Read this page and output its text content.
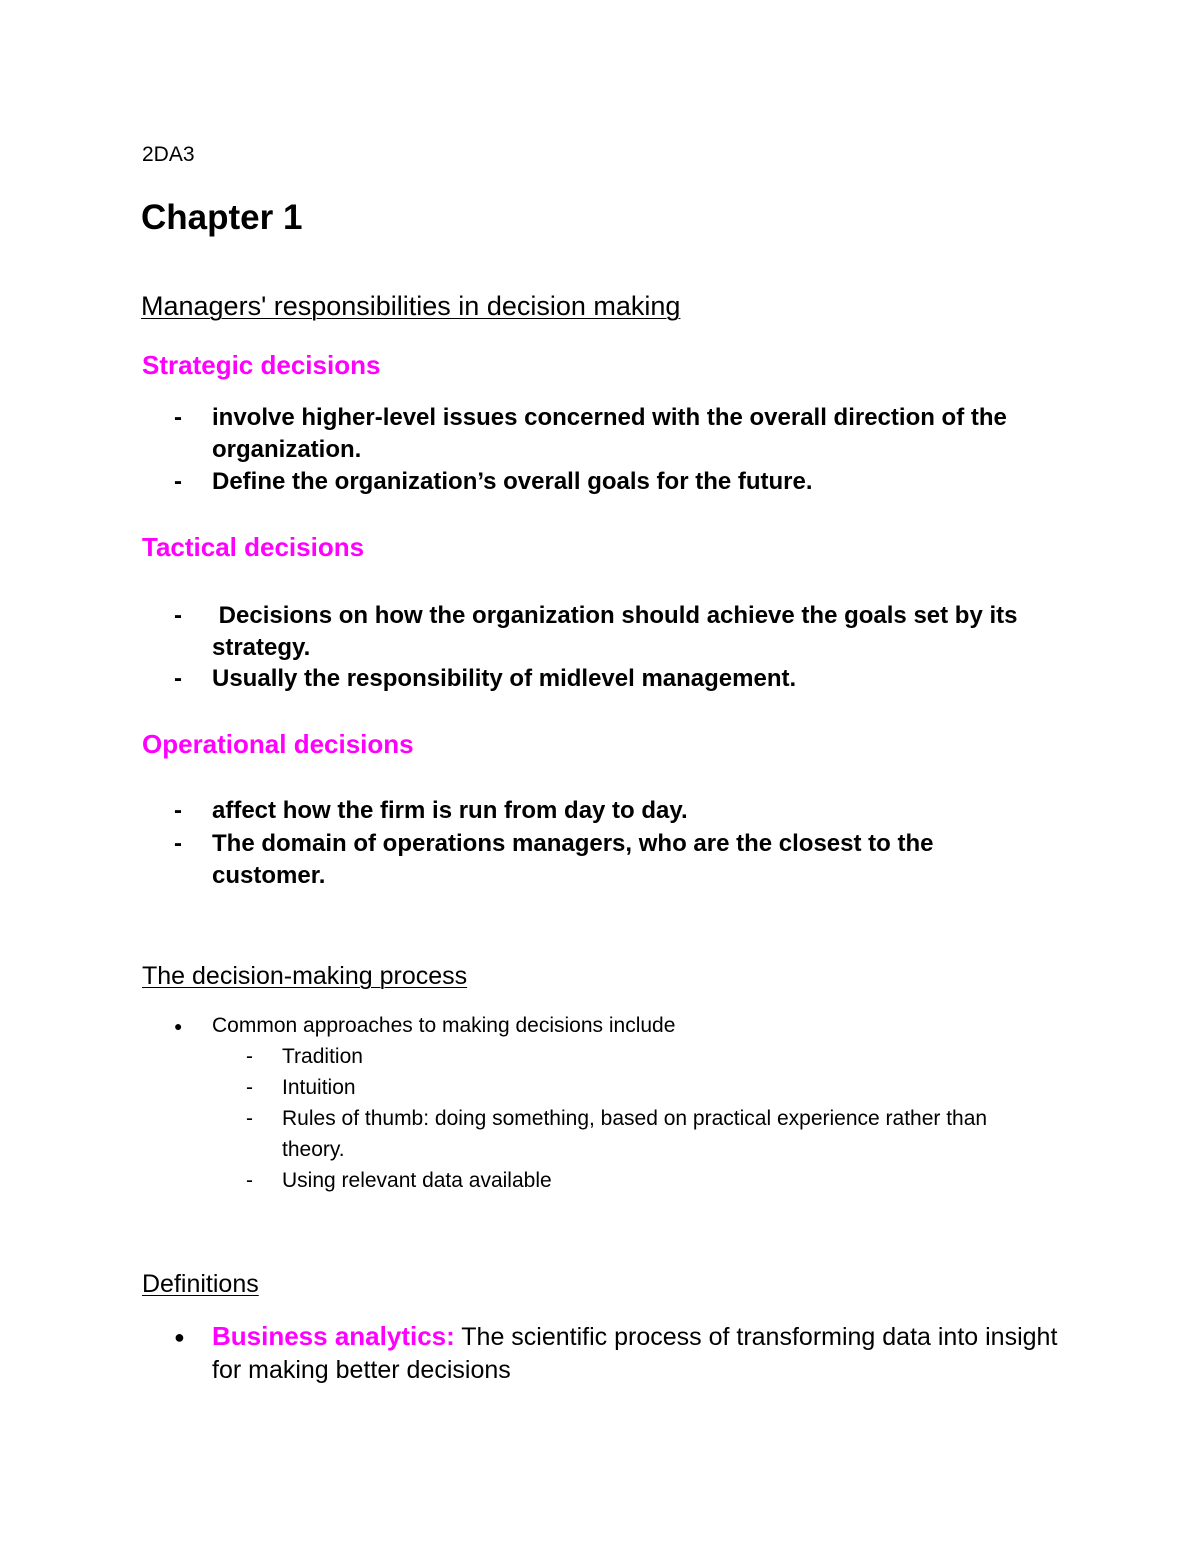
2DA3

Chapter 1
Managers' responsibilities in decision making
Strategic decisions
-	involve higher-level issues concerned with the overall direction of the organization.
-	Define the organization’s overall goals for the future.
Tactical decisions
-	Decisions on how the organization should achieve the goals set by its strategy.
-	Usually the responsibility of midlevel management.
Operational decisions
-	affect how the firm is run from day to day.
-	The domain of operations managers, who are the closest to the customer.
The decision-making process
●	Common approaches to making decisions include
-	Tradition
-	Intuition
-	Rules of thumb: doing something, based on practical experience rather than theory.
-	Using relevant data available
Definitions
●	Business analytics: The scientific process of transforming data into insight for making better decisions
